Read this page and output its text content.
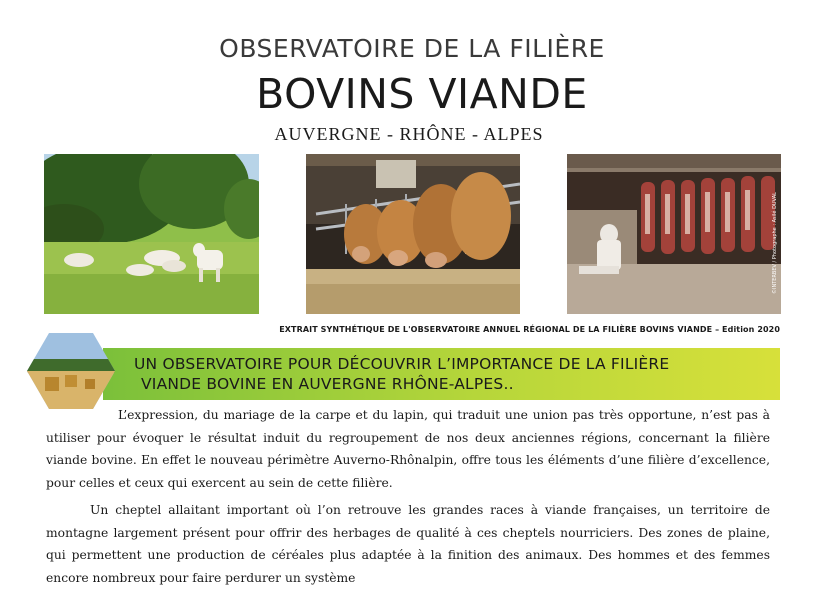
OBSERVATOIRE DE LA FILIÈRE
BOVINS VIANDE
AUVERGNE - RHÔNE - ALPES
©INTERBEV / Photographe : Asilé DUVAL
EXTRAIT SYNTHÉTIQUE DE L'OBSERVATOIRE ANNUEL RÉGIONAL DE LA FILIÈRE BOVINS VIANDE – Edition 2020
UN OBSERVATOIRE POUR DÉCOUVRIR L’IMPORTANCE DE LA FILIÈRE
VIANDE BOVINE EN AUVERGNE RHÔNE-ALPES..

L’expression, du mariage de la carpe et du lapin, qui traduit une union pas très opportune, n’est pas à utiliser pour évoquer le résultat induit du regroupement de nos deux anciennes régions, concernant la filière viande bovine. En effet le nouveau périmètre Auverno-Rhônalpin, offre tous les éléments d’une filière d’excellence, pour celles et ceux qui exercent au sein de cette filière.

Un cheptel allaitant important où l’on retrouve les grandes races à viande françaises, un territoire de montagne largement présent pour offrir des herbages de qualité à ces cheptels nourriciers. Des zones de plaine, qui permettent une production de céréales plus adaptée à la finition des animaux. Des hommes et des femmes encore nombreux pour faire perdurer un système
